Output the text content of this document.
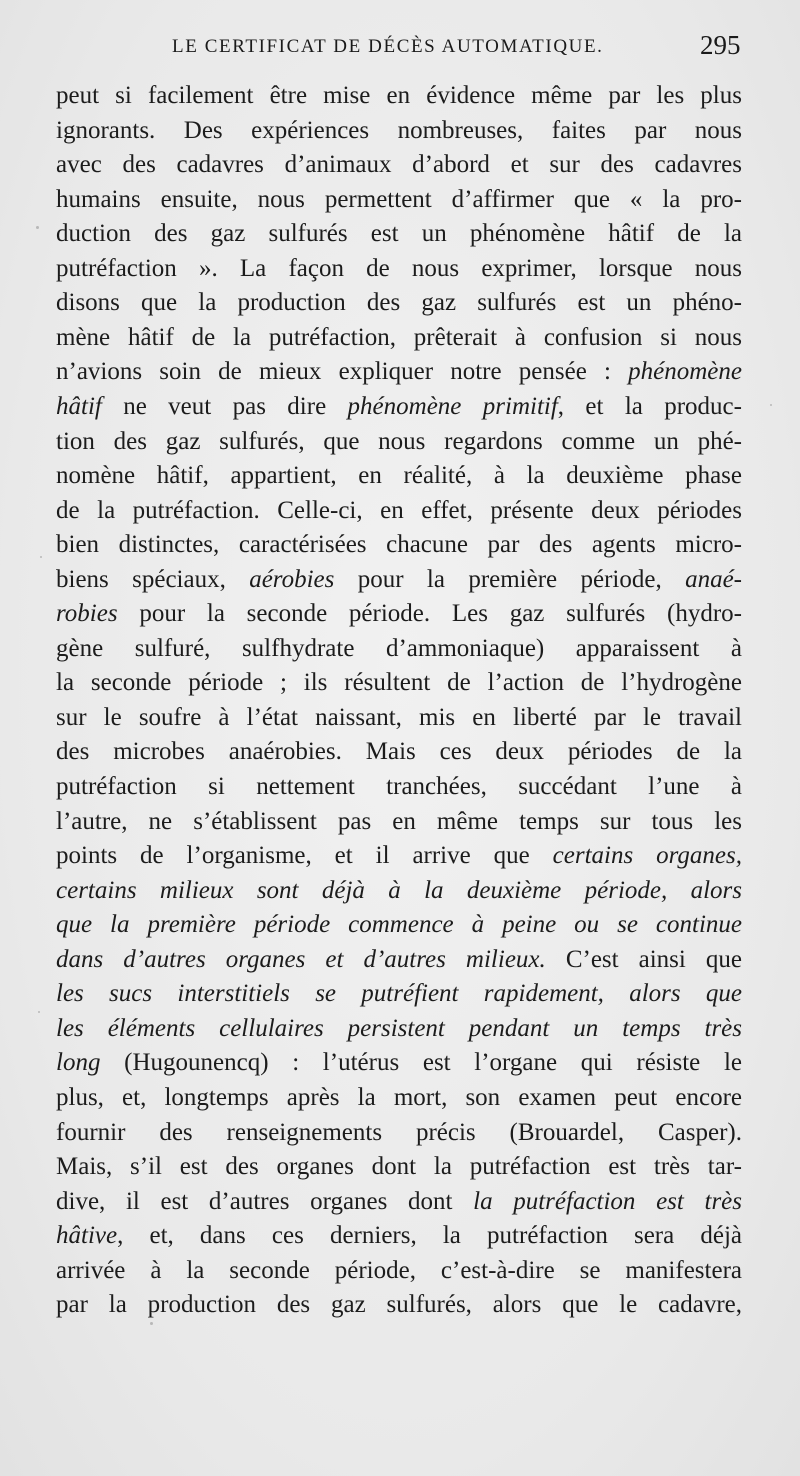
LE CERTIFICAT DE DÉCÈS AUTOMATIQUE.	295
peut si facilement être mise en évidence même par les plus
ignorants. Des expériences nombreuses, faites par nous
avec des cadavres d’animaux d’abord et sur des cadavres
humains ensuite, nous permettent d’affirmer que « la pro-
duction des gaz sulfurés est un phénomène hâtif de la
putréfaction ». La façon de nous exprimer, lorsque nous
disons que la production des gaz sulfurés est un phéno-
mène hâtif de la putréfaction, prêterait à confusion si nous
n’avions soin de mieux expliquer notre pensée : phénomène
hâtif ne veut pas dire phénomène primitif, et la produc-
tion des gaz sulfurés, que nous regardons comme un phé-
nomène hâtif, appartient, en réalité, à la deuxième phase
de la putréfaction. Celle-ci, en effet, présente deux périodes
bien distinctes, caractérisées chacune par des agents micro-
biens spéciaux, aérobies pour la première période, anaé-
robies pour la seconde période. Les gaz sulfurés (hydro-
gène sulfuré, sulfhydrate d’ammoniaque) apparaissent à
la seconde période ; ils résultent de l’action de l’hydrogène
sur le soufre à l’état naissant, mis en liberté par le travail
des microbes anaérobies. Mais ces deux périodes de la
putréfaction si nettement tranchées, succédant l’une à
l’autre, ne s’établissent pas en même temps sur tous les
points de l’organisme, et il arrive que certains organes,
certains milieux sont déjà à la deuxième période, alors
que la première période commence à peine ou se continue
dans d’autres organes et d’autres milieux. C’est ainsi que
les sucs interstitiels se putréfient rapidement, alors que
les éléments cellulaires persistent pendant un temps très
long (Hugounencq) : l’utérus est l’organe qui résiste le
plus, et, longtemps après la mort, son examen peut encore
fournir des renseignements précis (Brouardel, Casper).
Mais, s’il est des organes dont la putréfaction est très tar-
dive, il est d’autres organes dont la putréfaction est très
hâtive, et, dans ces derniers, la putréfaction sera déjà
arrivée à la seconde période, c’est-à-dire se manifestera
par la production des gaz sulfurés, alors que le cadavre,
